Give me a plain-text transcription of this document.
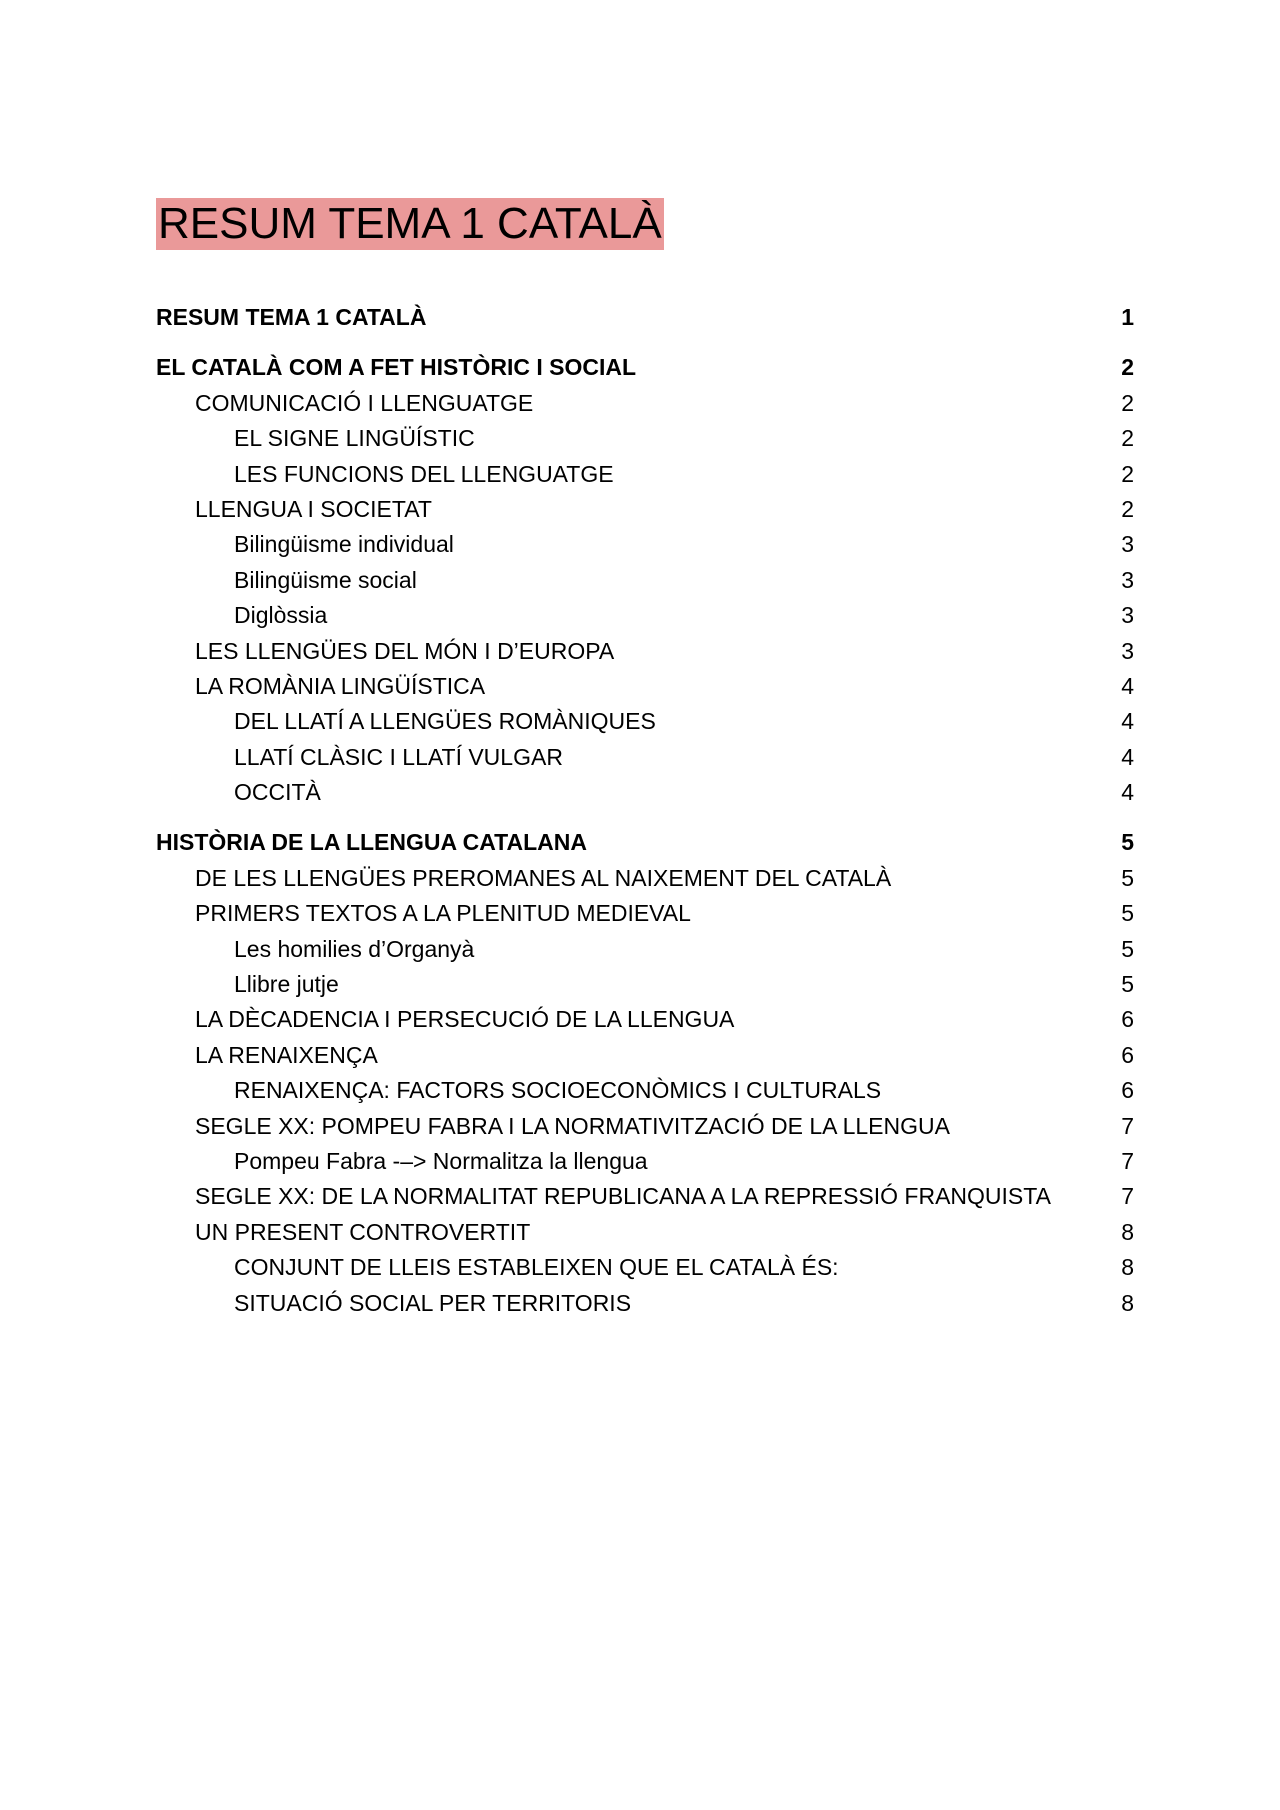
RESUM TEMA 1 CATALÀ
RESUM TEMA 1 CATALÀ	1
EL CATALÀ COM A FET HISTÒRIC I SOCIAL	2
COMUNICACIÓ I LLENGUATGE	2
EL SIGNE LINGÜÍSTIC	2
LES FUNCIONS DEL LLENGUATGE	2
LLENGUA I SOCIETAT	2
Bilingüisme individual	3
Bilingüisme social	3
Diglòssia	3
LES LLENGÜES DEL MÓN I D’EUROPA	3
LA ROMÀNIA LINGÜÍSTICA	4
DEL LLATÍ A LLENGÜES ROMÀNIQUES	4
LLATÍ CLÀSIC I LLATÍ VULGAR	4
OCCITÀ	4
HISTÒRIA DE LA LLENGUA CATALANA	5
DE LES LLENGÜES PREROMANES AL NAIXEMENT DEL CATALÀ	5
PRIMERS TEXTOS A LA PLENITUD MEDIEVAL	5
Les homilies d’Organyà	5
Llibre jutje	5
LA DÈCADENCIA I PERSECUCIÓ DE LA LLENGUA	6
LA RENAIXENÇA	6
RENAIXENÇA: FACTORS SOCIOECONÒMICS I CULTURALS	6
SEGLE XX: POMPEU FABRA I LA NORMATIVITZACIÓ DE LA LLENGUA	7
Pompeu Fabra -–> Normalitza la llengua	7
SEGLE XX: DE LA NORMALITAT REPUBLICANA A LA REPRESSIÓ FRANQUISTA	7
UN PRESENT CONTROVERTIT	8
CONJUNT DE LLEIS ESTABLEIXEN QUE EL CATALÀ ÉS:	8
SITUACIÓ SOCIAL PER TERRITORIS	8
